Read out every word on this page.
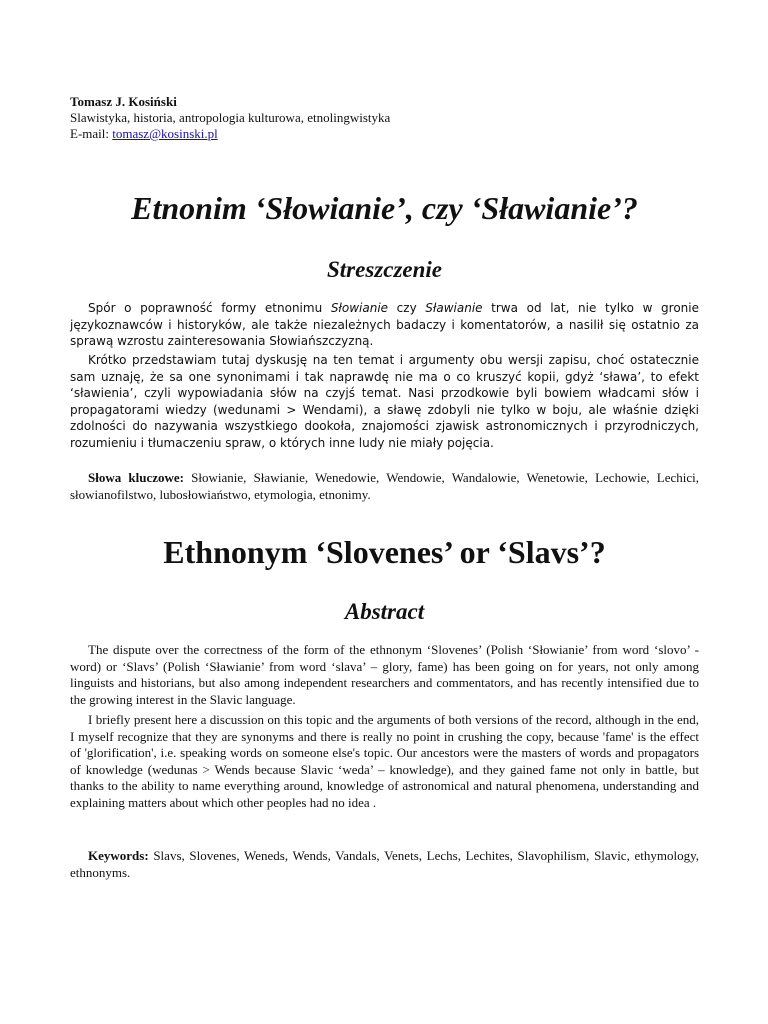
Tomasz J. Kosiński
Slawistyka, historia, antropologia kulturowa, etnolingwistyka
E-mail: tomasz@kosinski.pl
Etnonim ‘Słowianie’, czy ‘Sławianie’?
Streszczenie

Spór o poprawność formy etnonimu Słowianie czy Sławianie trwa od lat, nie tylko w gronie językoznawców i historyków, ale także niezależnych badaczy i komentatorów, a nasilił się ostatnio za sprawą wzrostu zainteresowania Słowiańszczyzną.

Krótko przedstawiam tutaj dyskusję na ten temat i argumenty obu wersji zapisu, choć ostatecznie sam uznaję, że sa one synonimami i tak naprawdę nie ma o co kruszyć kopii, gdyż ‘sława’, to efekt ‘sławienia’, czyli wypowiadania słów na czyjś temat. Nasi przodkowie byli bowiem władcami słów i propagatorami wiedzy (wedunami > Wendami), a sławę zdobyli nie tylko w boju, ale właśnie dzięki zdolności do nazywania wszystkiego dookoła, znajomości zjawisk astronomicznych i przyrodniczych, rozumieniu i tłumaczeniu spraw, o których inne ludy nie miały pojęcia.

Słowa kluczowe: Słowianie, Sławianie, Wenedowie, Wendowie, Wandalowie, Wenetowie, Lechowie, Lechici, słowianofilstwo, lubosłowiaństwo, etymologia, etnonimy.

Ethnonym ‘Slovenes’ or ‘Slavs’?
Abstract

The dispute over the correctness of the form of the ethnonym ‘Slovenes’ (Polish ‘Słowianie’ from word ‘slovo’ - word) or ‘Slavs’ (Polish ‘Sławianie’ from word ‘slava’ – glory, fame) has been going on for years, not only among linguists and historians, but also among independent researchers and commentators, and has recently intensified due to the growing interest in the Slavic language.

I briefly present here a discussion on this topic and the arguments of both versions of the record, although in the end, I myself recognize that they are synonyms and there is really no point in crushing the copy, because 'fame' is the effect of 'glorification', i.e. speaking words on someone else's topic. Our ancestors were the masters of words and propagators of knowledge (wedunas > Wends because Slavic ‘weda’ – knowledge), and they gained fame not only in battle, but thanks to the ability to name everything around, knowledge of astronomical and natural phenomena, understanding and explaining matters about which other peoples had no idea .

Keywords: Slavs, Slovenes, Weneds, Wends, Vandals, Venets, Lechs, Lechites, Slavophilism, Slavic, ethymology, ethnonyms.
